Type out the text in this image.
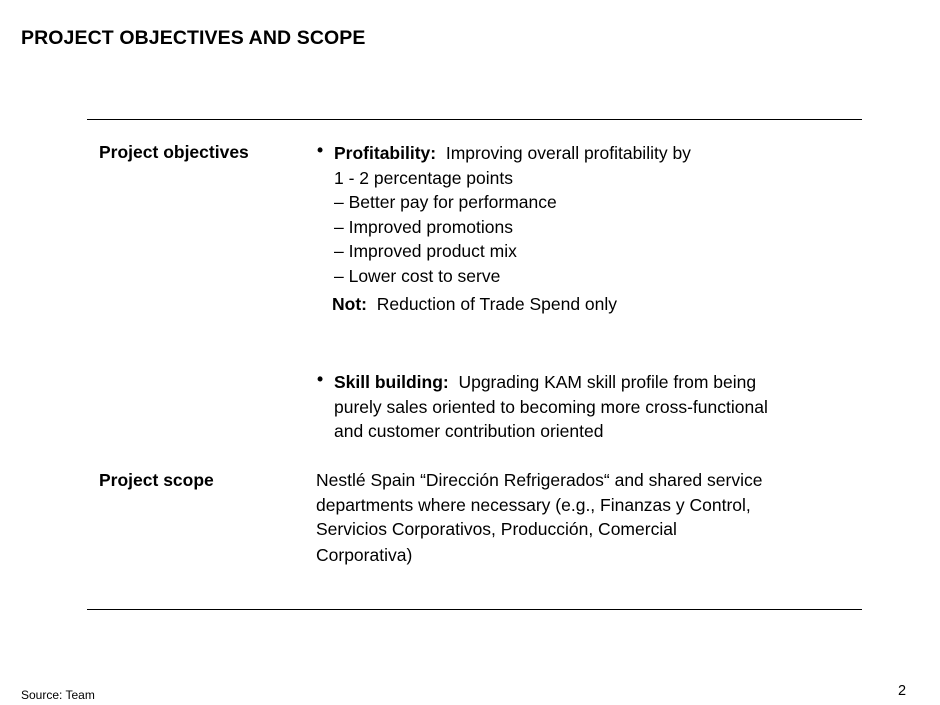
PROJECT OBJECTIVES AND SCOPE
Project objectives	• Profitability: Improving overall profitability by
1 - 2 percentage points
– Better pay for performance
– Improved promotions
– Improved product mix
– Lower cost to serve
Not: Reduction of Trade Spend only
• Skill building: Upgrading KAM skill profile from being
purely sales oriented to becoming more cross-functional
and customer contribution oriented
Project scope	Nestlé Spain “Dirección Refrigerados“ and shared service
departments where necessary (e.g., Finanzas y Control,
Servicios Corporativos, Producción, Comercial
Corporativa)
Source: Team	2
